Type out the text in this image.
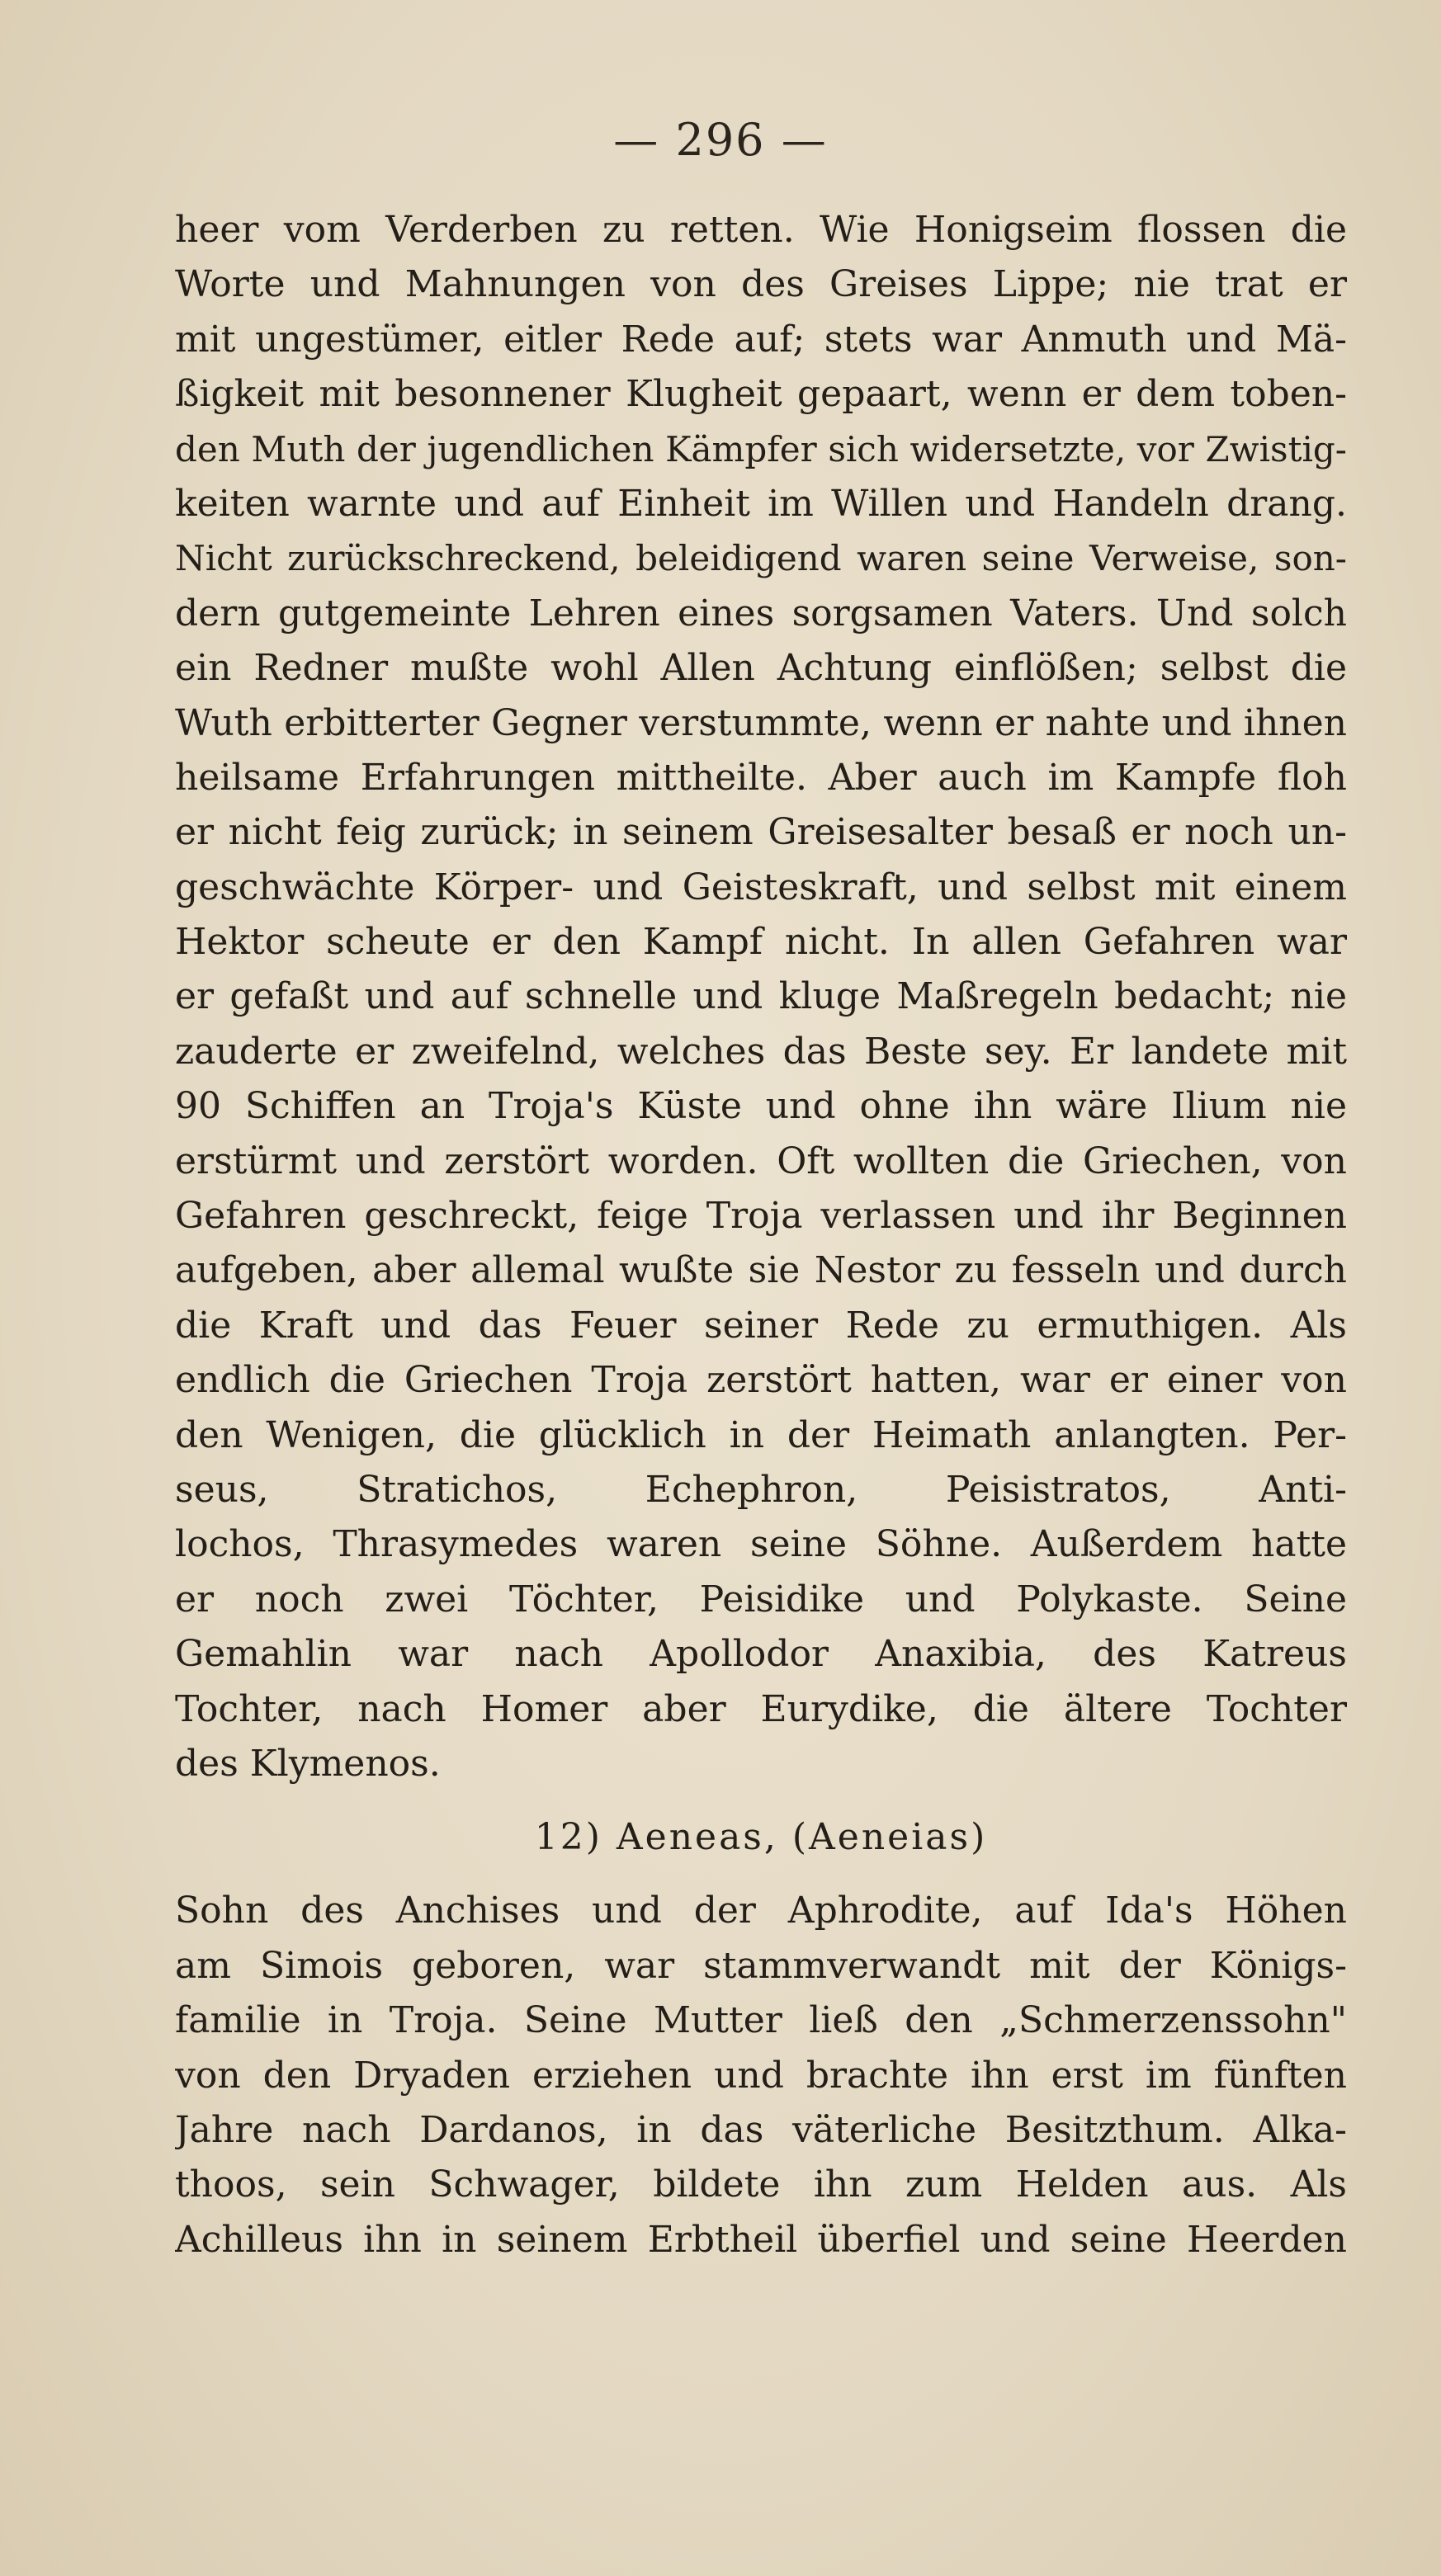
— 296 —
heer vom Verderben zu retten. Wie Honigseim flossen die
Worte und Mahnungen von des Greises Lippe; nie trat er
mit ungestümer, eitler Rede auf; stets war Anmuth und Mä-
ßigkeit mit besonnener Klugheit gepaart, wenn er dem toben-
den Muth der jugendlichen Kämpfer sich widersetzte, vor Zwistig-
keiten warnte und auf Einheit im Willen und Handeln drang.
Nicht zurückschreckend, beleidigend waren seine Verweise, son-
dern gutgemeinte Lehren eines sorgsamen Vaters. Und solch
ein Redner mußte wohl Allen Achtung einflößen; selbst die
Wuth erbitterter Gegner verstummte, wenn er nahte und ihnen
heilsame Erfahrungen mittheilte. Aber auch im Kampfe floh
er nicht feig zurück; in seinem Greisesalter besaß er noch un-
geschwächte Körper- und Geisteskraft, und selbst mit einem
Hektor scheute er den Kampf nicht. In allen Gefahren war
er gefaßt und auf schnelle und kluge Maßregeln bedacht; nie
zauderte er zweifelnd, welches das Beste sey. Er landete mit
90 Schiffen an Troja's Küste und ohne ihn wäre Ilium nie
erstürmt und zerstört worden. Oft wollten die Griechen, von
Gefahren geschreckt, feige Troja verlassen und ihr Beginnen
aufgeben, aber allemal wußte sie Nestor zu fesseln und durch
die Kraft und das Feuer seiner Rede zu ermuthigen. Als
endlich die Griechen Troja zerstört hatten, war er einer von
den Wenigen, die glücklich in der Heimath anlangten. Per-
seus, Stratichos, Echephron, Peisistratos, Anti-
lochos, Thrasymedes waren seine Söhne. Außerdem hatte
er noch zwei Töchter, Peisidike und Polykaste. Seine
Gemahlin war nach Apollodor Anaxibia, des Katreus
Tochter, nach Homer aber Eurydike, die ältere Tochter
des Klymenos.
12) Aeneas, (Aeneias)
Sohn des Anchises und der Aphrodite, auf Ida's Höhen
am Simois geboren, war stammverwandt mit der Königs-
familie in Troja. Seine Mutter ließ den „Schmerzenssohn"
von den Dryaden erziehen und brachte ihn erst im fünften
Jahre nach Dardanos, in das väterliche Besitzthum. Alka-
thoos, sein Schwager, bildete ihn zum Helden aus. Als
Achilleus ihn in seinem Erbtheil überfiel und seine Heerden
